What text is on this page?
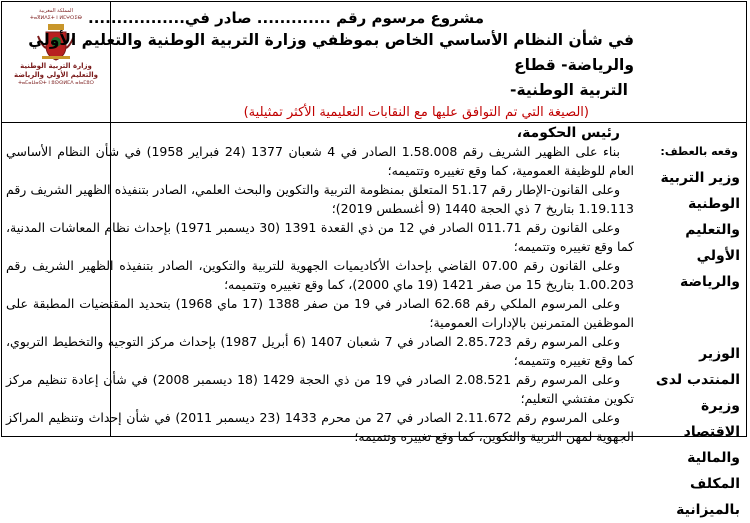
المملكة المغربية
ⵜⴰⴳⵍⴷⵉⵜ ⵏ ⵍⵎⵖⵔⵉⴱ
وزارة التربية الوطنية
والتعليم الأولي والرياضة
ⵜⴰⵎⴰⵡⴰⵙⵜ ⵏ ⵓⵙⵙⵍⵎⴷ ⴰⵏⴰⵎⵓⵔ
مشروع مرسوم رقم ............. صادر في.................
في شأن النظام الأساسي الخاص بموظفي وزارة التربية الوطنية والتعليم الأولي والرياضة- قطاع
التربية الوطنية-
(الصيغة التي تم التوافق عليها مع النقابات التعليمية الأكثر تمثيلية)
وقعه بالعطف:
وزير التربية الوطنية والتعليم الأولي والرياضة
الوزير المنتدب لدى وزيرة الاقتصاد والمالية المكلف بالميزانية
رئيس الحكومة،

بناء على الظهير الشريف رقم 1.58.008 الصادر في 4 شعبان 1377 (24 فبراير 1958) في شأن النظام الأساسي العام للوظيفة العمومية، كما وقع تغييره وتتميمه؛

وعلى القانون-الإطار رقم 51.17 المتعلق بمنظومة التربية والتكوين والبحث العلمي، الصادر بتنفيذه الظهير الشريف رقم 1.19.113 بتاريخ 7 ذي الحجة 1440 (9 أغسطس 2019)؛

وعلى القانون رقم 011.71 الصادر في 12 من ذي القعدة 1391 (30 ديسمبر 1971) بإحداث نظام المعاشات المدنية، كما وقع تغييره وتتميمه؛

وعلى القانون رقم 07.00 القاضي بإحداث الأكاديميات الجهوية للتربية والتكوين، الصادر بتنفيذه الظهير الشريف رقم 1.00.203 بتاريخ 15 من صفر 1421 (19 ماي 2000)، كما وقع تغييره وتتميمه؛

وعلى المرسوم الملكي رقم 62.68 الصادر في 19 من صفر 1388 (17 ماي 1968) بتحديد المقتضيات المطبقة على الموظفين المتمرنين بالإدارات العمومية؛

وعلى المرسوم رقم 2.85.723 الصادر في 7 شعبان 1407 (6 أبريل 1987) بإحداث مركز التوجيه والتخطيط التربوي، كما وقع تغييره وتتميمه؛

وعلى المرسوم رقم 2.08.521 الصادر في 19 من ذي الحجة 1429 (18 ديسمبر 2008) في شأن إعادة تنظيم مركز تكوين مفتشي التعليم؛

وعلى المرسوم رقم 2.11.672 الصادر في 27 من محرم 1433 (23 ديسمبر 2011) في شأن إحداث وتنظيم المراكز الجهوية لمهن التربية والتكوين، كما وقع تغييره وتتميمه؛
